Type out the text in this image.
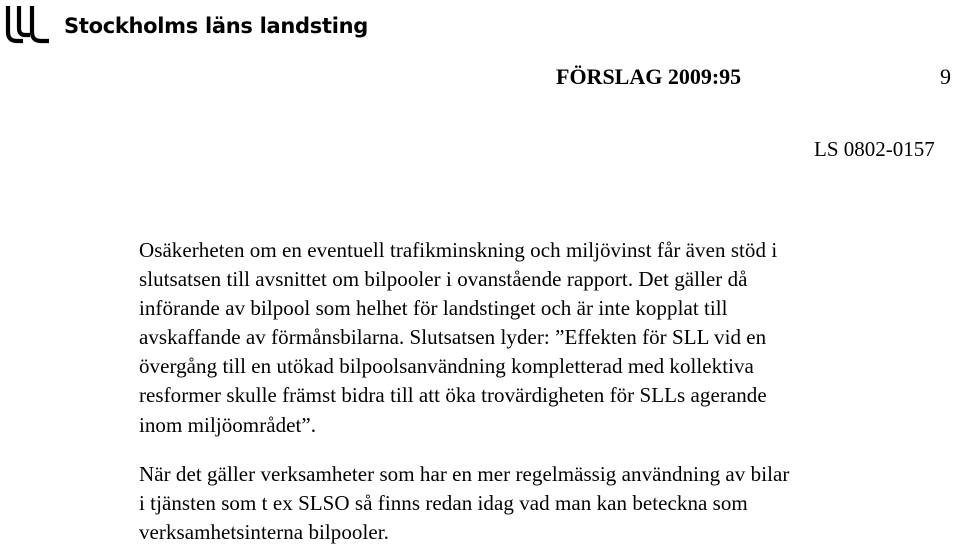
Stockholms läns landsting
FÖRSLAG 2009:95	9
LS 0802-0157

Osäkerheten om en eventuell trafikminskning och miljövinst får även stöd i
slutsatsen till avsnittet om bilpooler i ovanstående rapport. Det gäller då
införande av bilpool som helhet för landstinget och är inte kopplat till
avskaffande av förmånsbilarna. Slutsatsen lyder: ”Effekten för SLL vid en
övergång till en utökad bilpoolsanvändning kompletterad med kollektiva
resformer skulle främst bidra till att öka trovärdigheten för SLLs agerande
inom miljöområdet”.

När det gäller verksamheter som har en mer regelmässig användning av bilar
i tjänsten som t ex SLSO så finns redan idag vad man kan beteckna som
verksamhetsinterna bilpooler.
